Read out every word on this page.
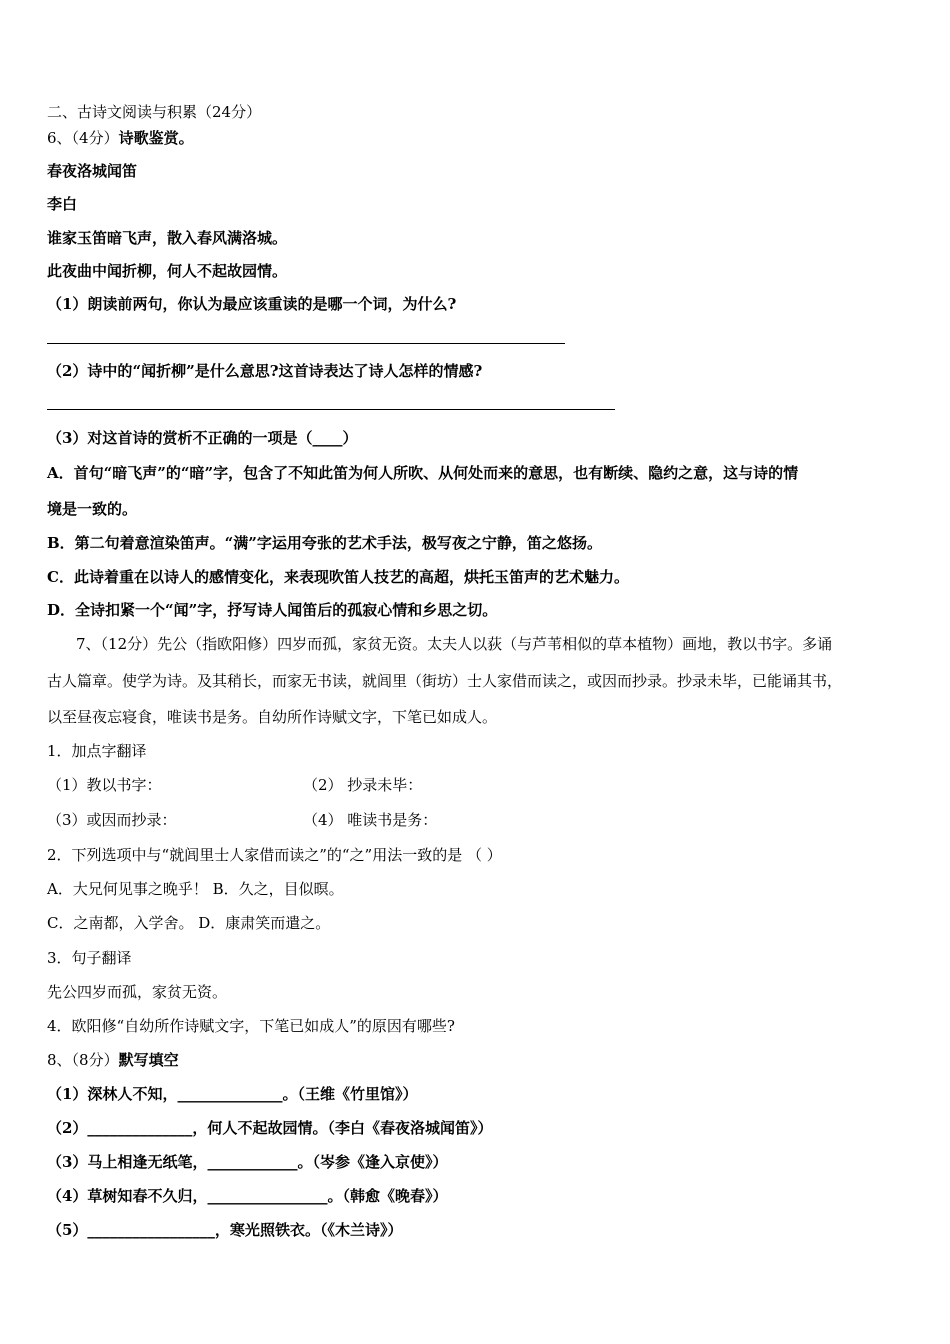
二、古诗文阅读与积累（24分）
6、（4分）诗歌鉴赏。
春夜洛城闻笛
李白
谁家玉笛暗飞声，散入春风满洛城。
此夜曲中闻折柳，何人不起故园情。
（1）朗读前两句，你认为最应该重读的是哪一个词，为什么?
（2）诗中的“闻折柳”是什么意思?这首诗表达了诗人怎样的情感?
（3）对这首诗的赏析不正确的一项是（____）
A．首句“暗飞声”的“暗”字，包含了不知此笛为何人所吹、从何处而来的意思，也有断续、隐约之意，这与诗的情
境是一致的。
B．第二句着意渲染笛声。“满”字运用夸张的艺术手法，极写夜之宁静，笛之悠扬。
C．此诗着重在以诗人的感情变化，来表现吹笛人技艺的高超，烘托玉笛声的艺术魅力。
D．全诗扣紧一个“闻”字，抒写诗人闻笛后的孤寂心情和乡思之切。
7、（12分）先公（指欧阳修）四岁而孤，家贫无资。太夫人以荻（与芦苇相似的草本植物）画地，教以书字。多诵
古人篇章。使学为诗。及其稍长，而家无书读，就闾里（街坊）士人家借而读之，或因而抄录。抄录未毕，已能诵其书，
以至昼夜忘寝食，唯读书是务。自幼所作诗赋文字，下笔已如成人。
1．加点字翻译
（1）教以书字：	（2） 抄录未毕：
（3）或因而抄录：	（4） 唯读书是务：
2．下列选项中与“就闾里士人家借而读之”的“之”用法一致的是 （ ）
A．大兄何见事之晚乎！ B．久之，目似暝。
C．之南都，入学舍。 D．康肃笑而遣之。
3．句子翻译
先公四岁而孤，家贫无资。
4．欧阳修“自幼所作诗赋文字，下笔已如成人”的原因有哪些?
8、（8分）默写填空
（1）深林人不知，______________。（王维《竹里馆》）
（2）______________，何人不起故园情。（李白《春夜洛城闻笛》）
（3）马上相逢无纸笔，____________。（岑参《逢入京使》）
（4）草树知春不久归，________________。（韩愈《晚春》）
（5）_________________，寒光照铁衣。（《木兰诗》）
